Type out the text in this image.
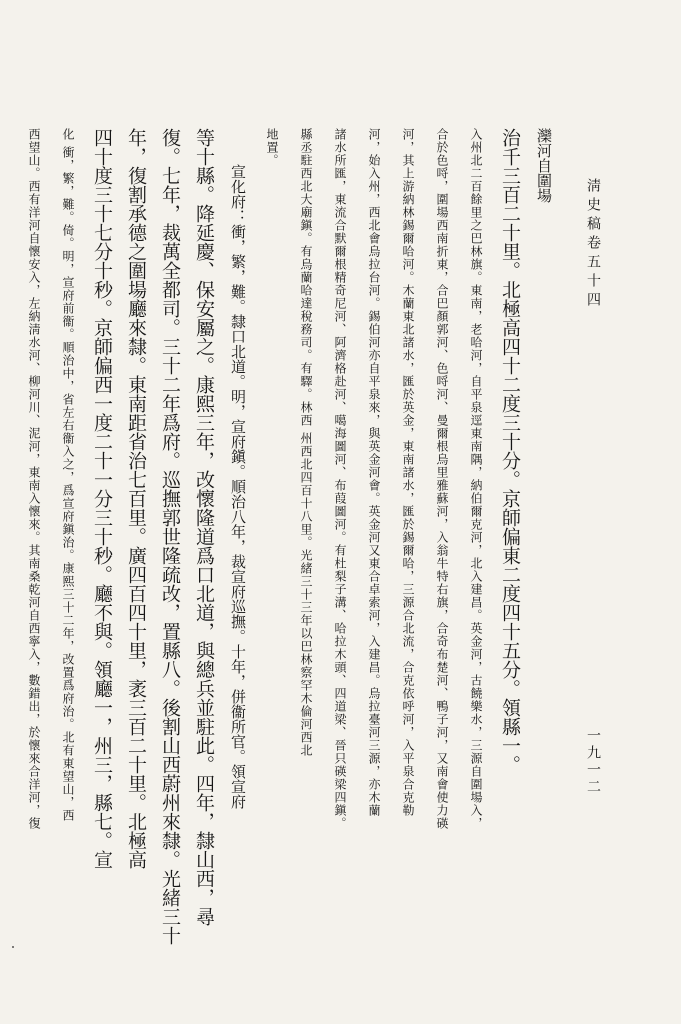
淸史稿卷五十四
一九一二
灤河自圍場
治千三百二十里。北極高四十二度三十分。京師偏東二度四十五分。領縣一。
入州北二百餘里之巴林旗。東南，老哈河，自平泉逕東南隅，納伯爾克河，北入建昌。英金河，古饒樂水，三源自圍場入，
合於色哷，圍場西南折東，合巴顏郭河、色哷河、曼爾根烏里雅蘇河，入翁牛特右旗，合奇布楚河、鴨子河，又南會使力碤
河，其上游納林錫爾哈河。木蘭東北諸水，匯於英金，東南諸水，匯於錫爾哈，三源合北流，合克依呼河，入平泉合克勒
河，始入州，西北會烏拉台河。錫伯河亦自平泉來，與英金河會。英金河又東合卓索河，入建昌。烏拉臺河三源，亦木蘭
諸水所匯，東流合默爾根精奇尼河、阿濟格赴河、噶海圖河、布葭圖河。有杜梨子溝、哈拉木頭、四道梁、晉只碤梁四鎭。
縣丞駐西北大廟鎭。有烏蘭哈達稅務司。有驛。林西 州西北四百十八里。光緒三十三年以巴林察罕木倫河西北
地置。
宣化府：衝，繁，難。隸口北道。明，宣府鎭。順治八年，裁宣府巡撫。十年，併衞所官。領宣府
等十縣。降延慶、保安屬之。康熙三年，改懷隆道爲口北道，與總兵並駐此。四年，隸山西，尋
復。七年，裁萬全都司。三十二年爲府。巡撫郭世隆疏改，置縣八。後割山西蔚州來隸。光緒三十
年，復割承德之圍場廳來隸。東南距省治七百里。廣四百四十里，袤三百二十里。北極高
四十度三十七分十秒。京師偏西一度二十一分三十秒。廳不與。領廳一，州三，縣七。宣
化 衝，繁，難。倚。明，宣府前衞。順治中，省左右衞入之，爲宣府鎭治。康熙三十二年，改置爲府治。北有東望山，西
西望山。西有洋河自懷安入，左納淸水河、柳河川、泥河，東南入懷來。其南桑乾河自西寧入，數錯出，於懷來合洋河，復
